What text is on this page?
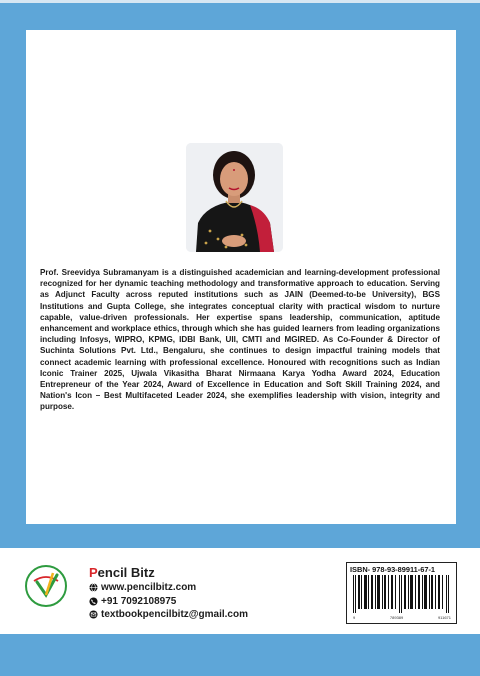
Prof. Sreevidya Subramanyam is a distinguished academician and learning-development professional recognized for her dynamic teaching methodology and transformative approach to education. Serving as Adjunct Faculty across reputed institutions such as JAIN (Deemed-to-be University), BGS Institutions and Gupta College, she integrates conceptual clarity with practical wisdom to nurture capable, value-driven professionals. Her expertise spans leadership, communication, aptitude enhancement and workplace ethics, through which she has guided learners from leading organizations including Infosys, WIPRO, KPMG, IDBI Bank, UII, CMTI and MGIRED. As Co-Founder & Director of Suchinta Solutions Pvt. Ltd., Bengaluru, she continues to design impactful training models that connect academic learning with professional excellence. Honoured with recognitions such as Indian Iconic Trainer 2025, Ujwala Vikasitha Bharat Nirmaana Karya Yodha Award 2024, Education Entrepreneur of the Year 2024, Award of Excellence in Education and Soft Skill Training 2024, and Nation's Icon – Best Multifaceted Leader 2024, she exemplifies leadership with vision, integrity and purpose.

Pencil Bitz
www.pencilbitz.com
+91 7092108975
textbookpencilbitz@gmail.com
ISBN- 978-93-89911-67-1
9	789389	911671
